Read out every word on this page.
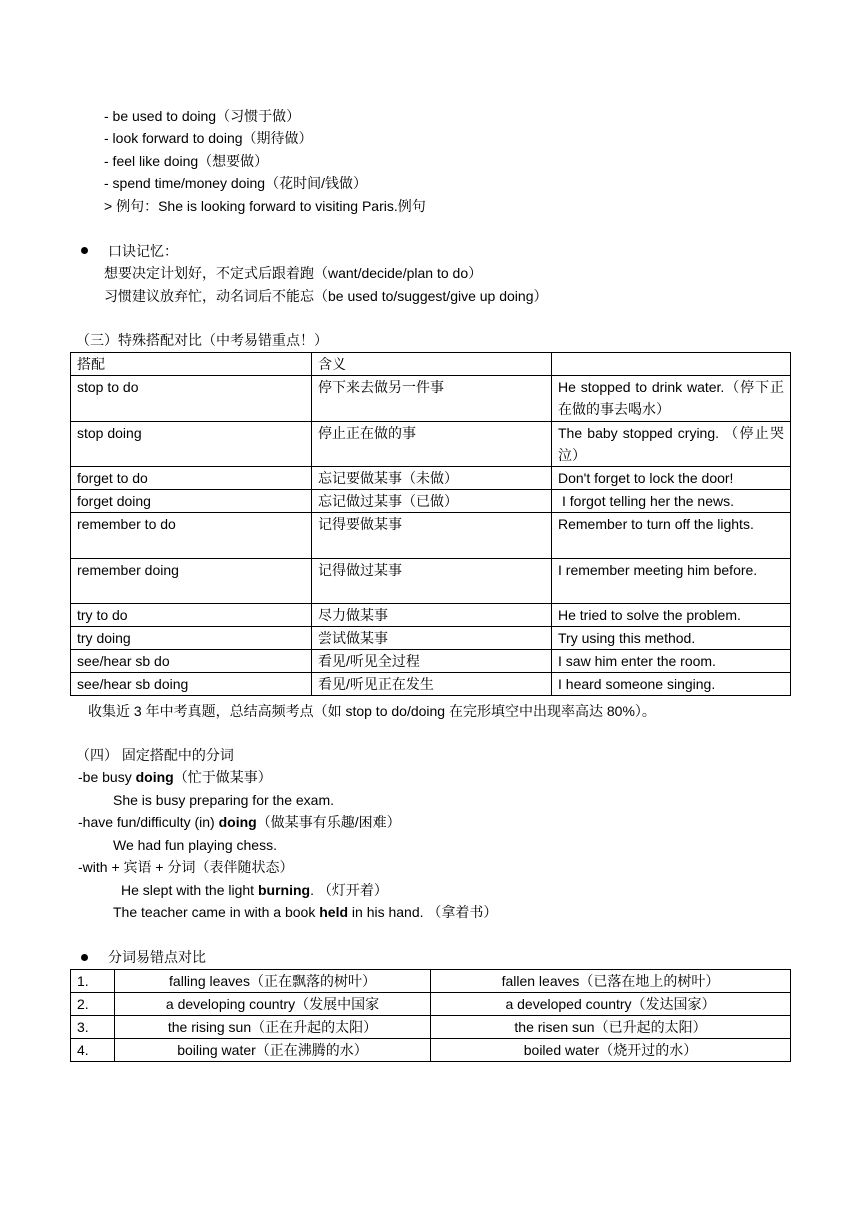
- be used to doing（习惯于做）
- look forward to doing（期待做）
- feel like doing（想要做）
- spend time/money doing（花时间/钱做）
> 例句：She is looking forward to visiting Paris.例句
口诀记忆：
想要决定计划好，不定式后跟着跑（want/decide/plan to do）
习惯建议放弃忙，动名词后不能忘（be used to/suggest/give up doing）
（三）特殊搭配对比（中考易错重点！）
搭配	含义	
stop to do	停下来去做另一件事	He stopped to drink water.（停下正在做的事去喝水）
stop doing	停止正在做的事	The baby stopped crying. （停止哭泣）
forget to do	忘记要做某事（未做）	Don't forget to lock the door!
forget doing	忘记做过某事（已做）	I forgot telling her the news.
remember to do	记得要做某事	Remember to turn off the lights.
remember doing	记得做过某事	I remember meeting him before.
try to do	尽力做某事	He tried to solve the problem.
try doing	尝试做某事	Try using this method.
see/hear sb do	看见/听见全过程	I saw him enter the room.
see/hear sb doing	看见/听见正在发生	I heard someone singing.
收集近 3 年中考真题，总结高频考点（如 stop to do/doing 在完形填空中出现率高达 80%）。
（四） 固定搭配中的分词
-be busy doing（忙于做某事）
She is busy preparing for the exam.
-have fun/difficulty (in) doing（做某事有乐趣/困难）
We had fun playing chess.
-with + 宾语 + 分词（表伴随状态）
He slept with the light burning. （灯开着）
The teacher came in with a book held in his hand. （拿着书）
分词易错点对比
1.	falling leaves（正在飘落的树叶）	fallen leaves（已落在地上的树叶）
2.	a developing country（发展中国家	a developed country（发达国家）
3.	the rising sun（正在升起的太阳）	the risen sun（已升起的太阳）
4.	boiling water（正在沸腾的水）	boiled water（烧开过的水）
